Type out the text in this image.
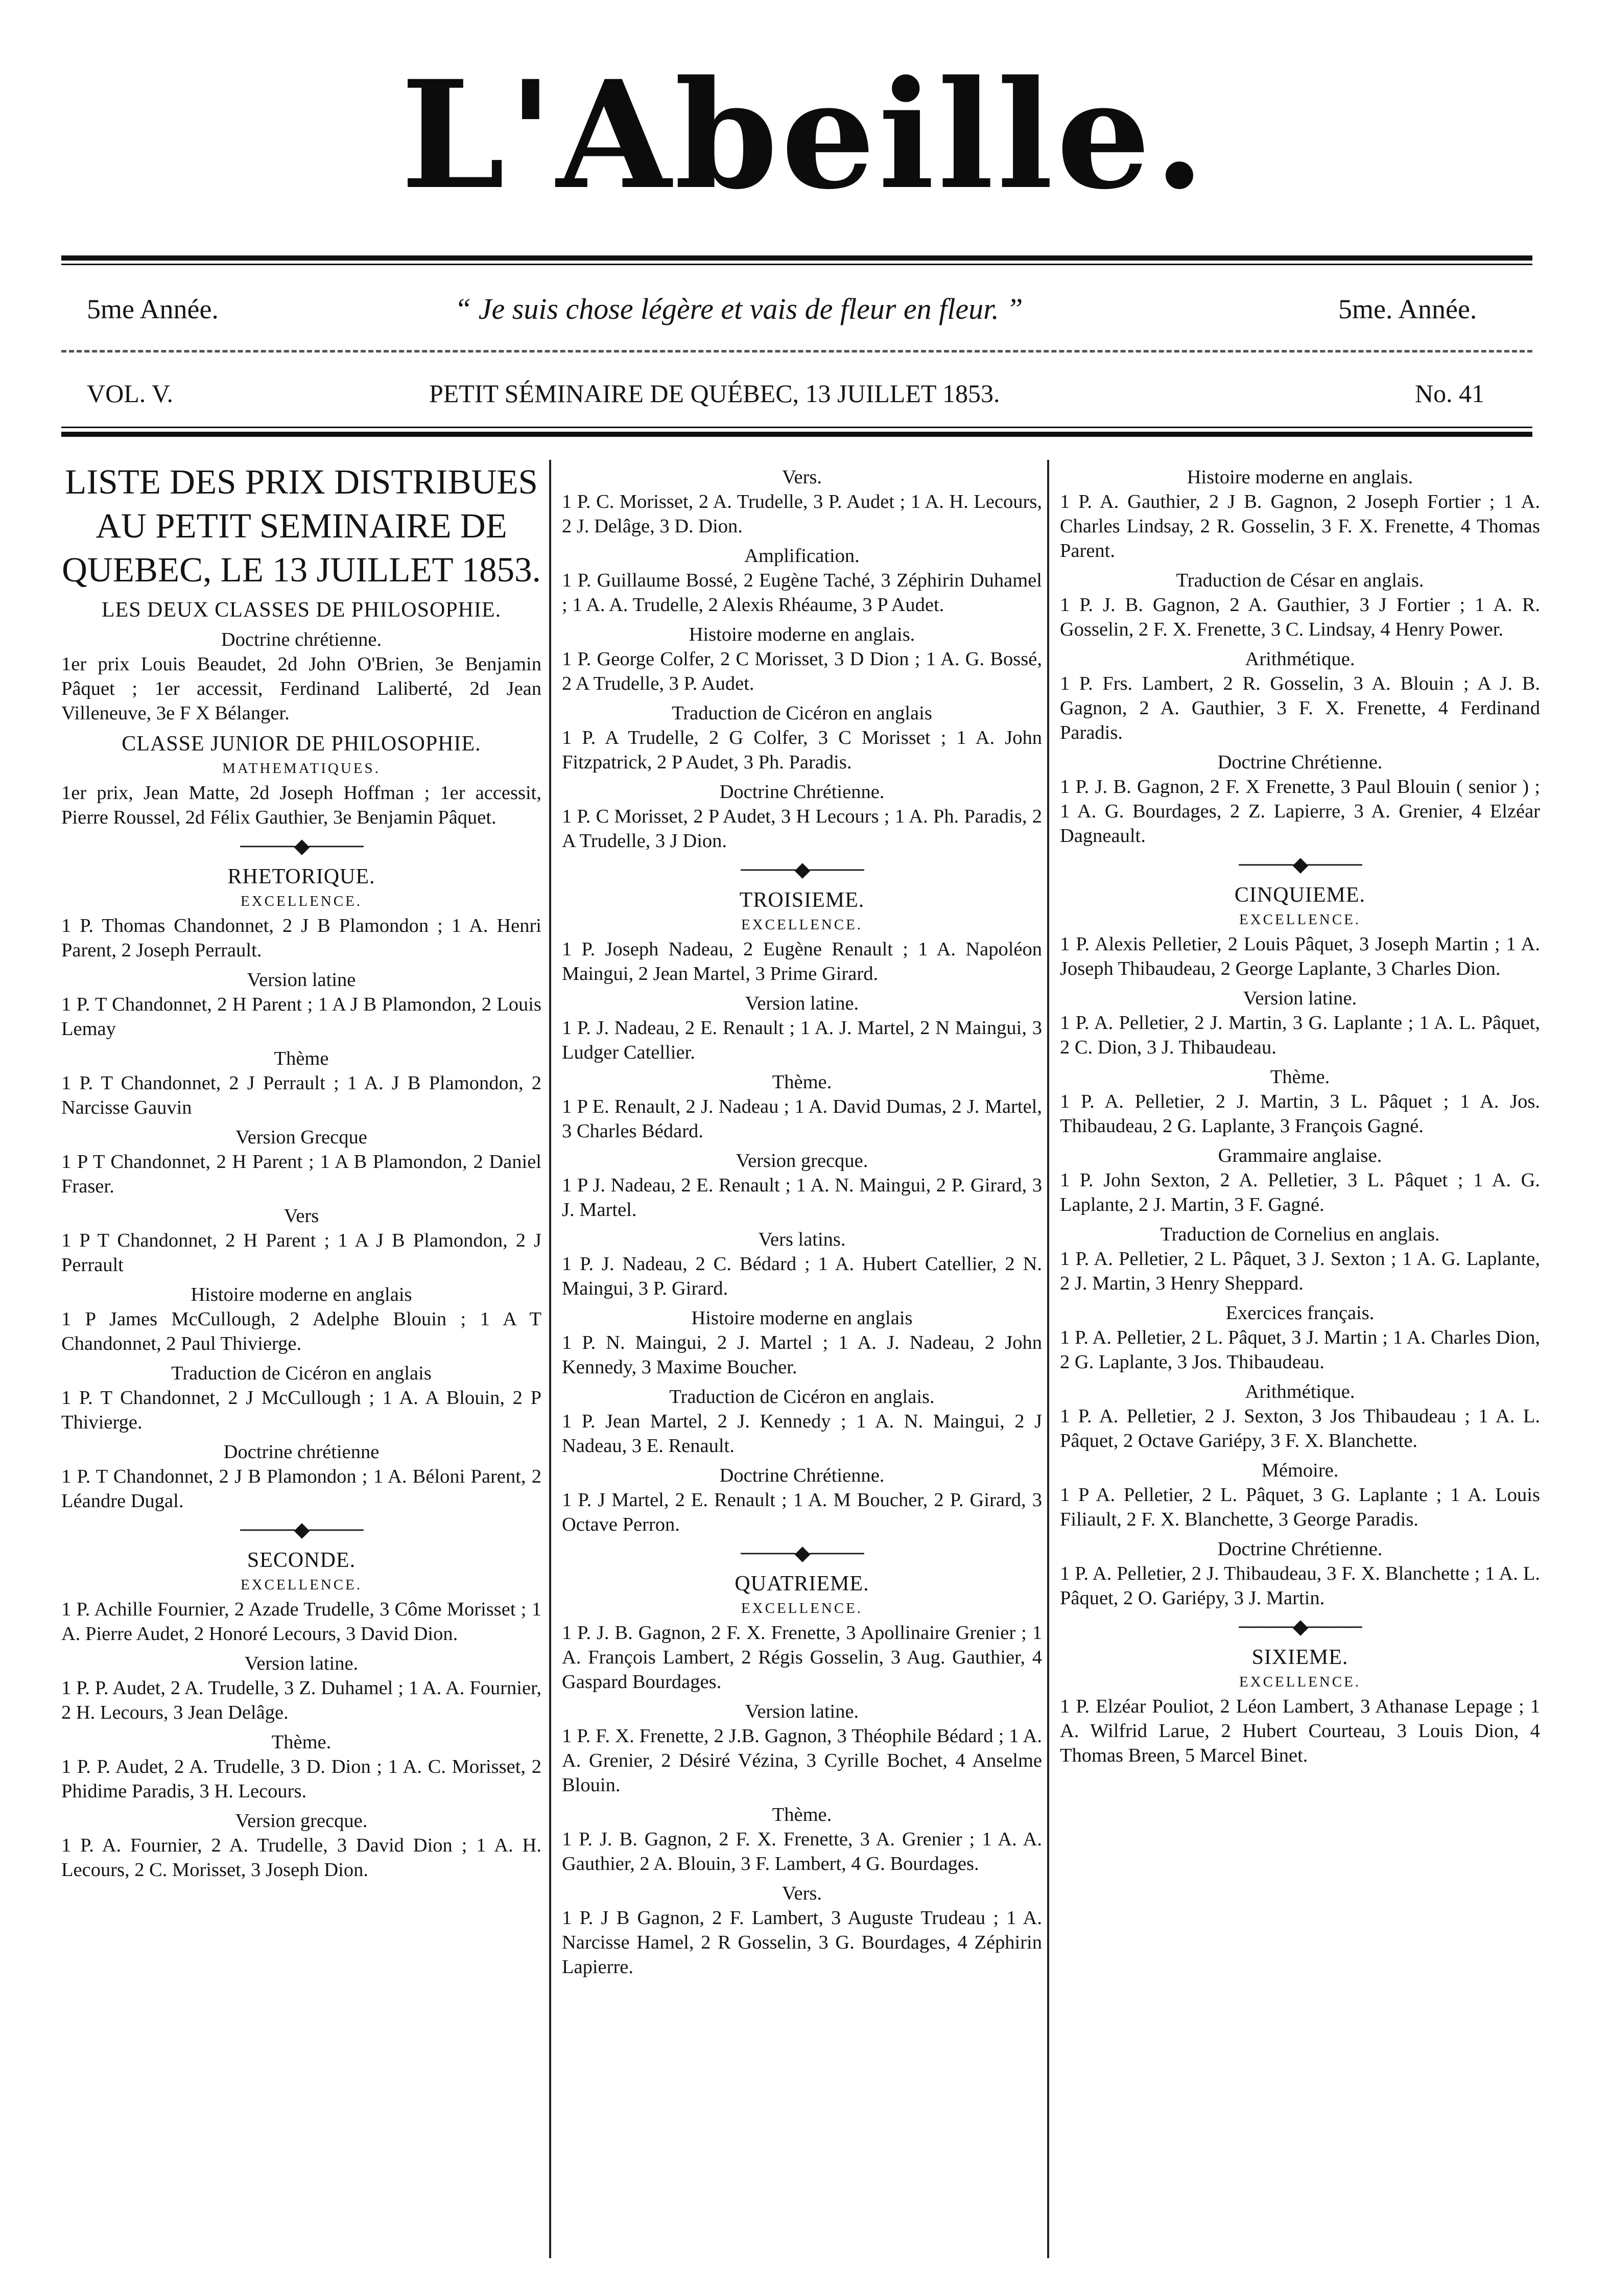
L'Abeille.
5me Année.	“ Je suis chose légère et vais de fleur en fleur. ”	5me. Année.
VOL. V.	PETIT SÉMINAIRE DE QUÉBEC, 13 JUILLET 1853.	No. 41
LISTE DES PRIX DISTRIBUES AU PETIT SEMINAIRE DE QUEBEC, LE 13 JUILLET 1853.
LES DEUX CLASSES DE PHILOSOPHIE.
Doctrine chrétienne.
1er prix Louis Beaudet, 2d John O'Brien, 3e Benjamin Pâquet ; 1er accessit, Ferdinand Laliberté, 2d Jean Villeneuve, 3e F X Bélanger.
CLASSE JUNIOR DE PHILOSOPHIE.
MATHEMATIQUES.
1er prix, Jean Matte, 2d Joseph Hoffman ; 1er accessit, Pierre Roussel, 2d Félix Gauthier, 3e Benjamin Pâquet.
────◆────
RHETORIQUE.
EXCELLENCE.
1 P. Thomas Chandonnet, 2 J B Plamondon ; 1 A. Henri Parent, 2 Joseph Perrault.
Version latine
1 P. T Chandonnet, 2 H Parent ; 1 A J B Plamondon, 2 Louis Lemay
Thème
1 P. T Chandonnet, 2 J Perrault ; 1 A. J B Plamondon, 2 Narcisse Gauvin
Version Grecque
1 P T Chandonnet, 2 H Parent ; 1 A B Plamondon, 2 Daniel Fraser.
Vers
1 P T Chandonnet, 2 H Parent ; 1 A J B Plamondon, 2 J Perrault
Histoire moderne en anglais
1 P James McCullough, 2 Adelphe Blouin ; 1 A T Chandonnet, 2 Paul Thivierge.
Traduction de Cicéron en anglais
1 P. T Chandonnet, 2 J McCullough ; 1 A. A Blouin, 2 P Thivierge.
Doctrine chrétienne
1 P. T Chandonnet, 2 J B Plamondon ; 1 A. Béloni Parent, 2 Léandre Dugal.
────◆────
SECONDE.
EXCELLENCE.
1 P. Achille Fournier, 2 Azade Trudelle, 3 Côme Morisset ; 1 A. Pierre Audet, 2 Honoré Lecours, 3 David Dion.
Version latine.
1 P. P. Audet, 2 A. Trudelle, 3 Z. Duhamel ; 1 A. A. Fournier, 2 H. Lecours, 3 Jean Delâge.
Thème.
1 P. P. Audet, 2 A. Trudelle, 3 D. Dion ; 1 A. C. Morisset, 2 Phidime Paradis, 3 H. Lecours.
Version grecque.
1 P. A. Fournier, 2 A. Trudelle, 3 David Dion ; 1 A. H. Lecours, 2 C. Morisset, 3 Joseph Dion.
Vers.
1 P. C. Morisset, 2 A. Trudelle, 3 P. Audet ; 1 A. H. Lecours, 2 J. Delâge, 3 D. Dion.
Amplification.
1 P. Guillaume Bossé, 2 Eugène Taché, 3 Zéphirin Duhamel ; 1 A. A. Trudelle, 2 Alexis Rhéaume, 3 P Audet.
Histoire moderne en anglais.
1 P. George Colfer, 2 C Morisset, 3 D Dion ; 1 A. G. Bossé, 2 A Trudelle, 3 P. Audet.
Traduction de Cicéron en anglais
1 P. A Trudelle, 2 G Colfer, 3 C Morisset ; 1 A. John Fitzpatrick, 2 P Audet, 3 Ph. Paradis.
Doctrine Chrétienne.
1 P. C Morisset, 2 P Audet, 3 H Lecours ; 1 A. Ph. Paradis, 2 A Trudelle, 3 J Dion.
────◆────
TROISIEME.
EXCELLENCE.
1 P. Joseph Nadeau, 2 Eugène Renault ; 1 A. Napoléon Maingui, 2 Jean Martel, 3 Prime Girard.
Version latine.
1 P. J. Nadeau, 2 E. Renault ; 1 A. J. Martel, 2 N Maingui, 3 Ludger Catellier.
Thème.
1 P E. Renault, 2 J. Nadeau ; 1 A. David Dumas, 2 J. Martel, 3 Charles Bédard.
Version grecque.
1 P J. Nadeau, 2 E. Renault ; 1 A. N. Maingui, 2 P. Girard, 3 J. Martel.
Vers latins.
1 P. J. Nadeau, 2 C. Bédard ; 1 A. Hubert Catellier, 2 N. Maingui, 3 P. Girard.
Histoire moderne en anglais
1 P. N. Maingui, 2 J. Martel ; 1 A. J. Nadeau, 2 John Kennedy, 3 Maxime Boucher.
Traduction de Cicéron en anglais.
1 P. Jean Martel, 2 J. Kennedy ; 1 A. N. Maingui, 2 J Nadeau, 3 E. Renault.
Doctrine Chrétienne.
1 P. J Martel, 2 E. Renault ; 1 A. M Boucher, 2 P. Girard, 3 Octave Perron.
────◆────
QUATRIEME.
EXCELLENCE.
1 P. J. B. Gagnon, 2 F. X. Frenette, 3 Apollinaire Grenier ; 1 A. François Lambert, 2 Régis Gosselin, 3 Aug. Gauthier, 4 Gaspard Bourdages.
Version latine.
1 P. F. X. Frenette, 2 J.B. Gagnon, 3 Théophile Bédard ; 1 A. A. Grenier, 2 Désiré Vézina, 3 Cyrille Bochet, 4 Anselme Blouin.
Thème.
1 P. J. B. Gagnon, 2 F. X. Frenette, 3 A. Grenier ; 1 A. A. Gauthier, 2 A. Blouin, 3 F. Lambert, 4 G. Bourdages.
Vers.
1 P. J B Gagnon, 2 F. Lambert, 3 Auguste Trudeau ; 1 A. Narcisse Hamel, 2 R Gosselin, 3 G. Bourdages, 4 Zéphirin Lapierre.
Histoire moderne en anglais.
1 P. A. Gauthier, 2 J B. Gagnon, 2 Joseph Fortier ; 1 A. Charles Lindsay, 2 R. Gosselin, 3 F. X. Frenette, 4 Thomas Parent.
Traduction de César en anglais.
1 P. J. B. Gagnon, 2 A. Gauthier, 3 J Fortier ; 1 A. R. Gosselin, 2 F. X. Frenette, 3 C. Lindsay, 4 Henry Power.
Arithmétique.
1 P. Frs. Lambert, 2 R. Gosselin, 3 A. Blouin ; A J. B. Gagnon, 2 A. Gauthier, 3 F. X. Frenette, 4 Ferdinand Paradis.
Doctrine Chrétienne.
1 P. J. B. Gagnon, 2 F. X Frenette, 3 Paul Blouin ( senior ) ; 1 A. G. Bourdages, 2 Z. Lapierre, 3 A. Grenier, 4 Elzéar Dagneault.
────◆────
CINQUIEME.
EXCELLENCE.
1 P. Alexis Pelletier, 2 Louis Pâquet, 3 Joseph Martin ; 1 A. Joseph Thibaudeau, 2 George Laplante, 3 Charles Dion.
Version latine.
1 P. A. Pelletier, 2 J. Martin, 3 G. Laplante ; 1 A. L. Pâquet, 2 C. Dion, 3 J. Thibaudeau.
Thème.
1 P. A. Pelletier, 2 J. Martin, 3 L. Pâquet ; 1 A. Jos. Thibaudeau, 2 G. Laplante, 3 François Gagné.
Grammaire anglaise.
1 P. John Sexton, 2 A. Pelletier, 3 L. Pâquet ; 1 A. G. Laplante, 2 J. Martin, 3 F. Gagné.
Traduction de Cornelius en anglais.
1 P. A. Pelletier, 2 L. Pâquet, 3 J. Sexton ; 1 A. G. Laplante, 2 J. Martin, 3 Henry Sheppard.
Exercices français.
1 P. A. Pelletier, 2 L. Pâquet, 3 J. Martin ; 1 A. Charles Dion, 2 G. Laplante, 3 Jos. Thibaudeau.
Arithmétique.
1 P. A. Pelletier, 2 J. Sexton, 3 Jos Thibaudeau ; 1 A. L. Pâquet, 2 Octave Gariépy, 3 F. X. Blanchette.
Mémoire.
1 P A. Pelletier, 2 L. Pâquet, 3 G. Laplante ; 1 A. Louis Filiault, 2 F. X. Blanchette, 3 George Paradis.
Doctrine Chrétienne.
1 P. A. Pelletier, 2 J. Thibaudeau, 3 F. X. Blanchette ; 1 A. L. Pâquet, 2 O. Gariépy, 3 J. Martin.
────◆────
SIXIEME.
EXCELLENCE.
1 P. Elzéar Pouliot, 2 Léon Lambert, 3 Athanase Lepage ; 1 A. Wilfrid Larue, 2 Hubert Courteau, 3 Louis Dion, 4 Thomas Breen, 5 Marcel Binet.
